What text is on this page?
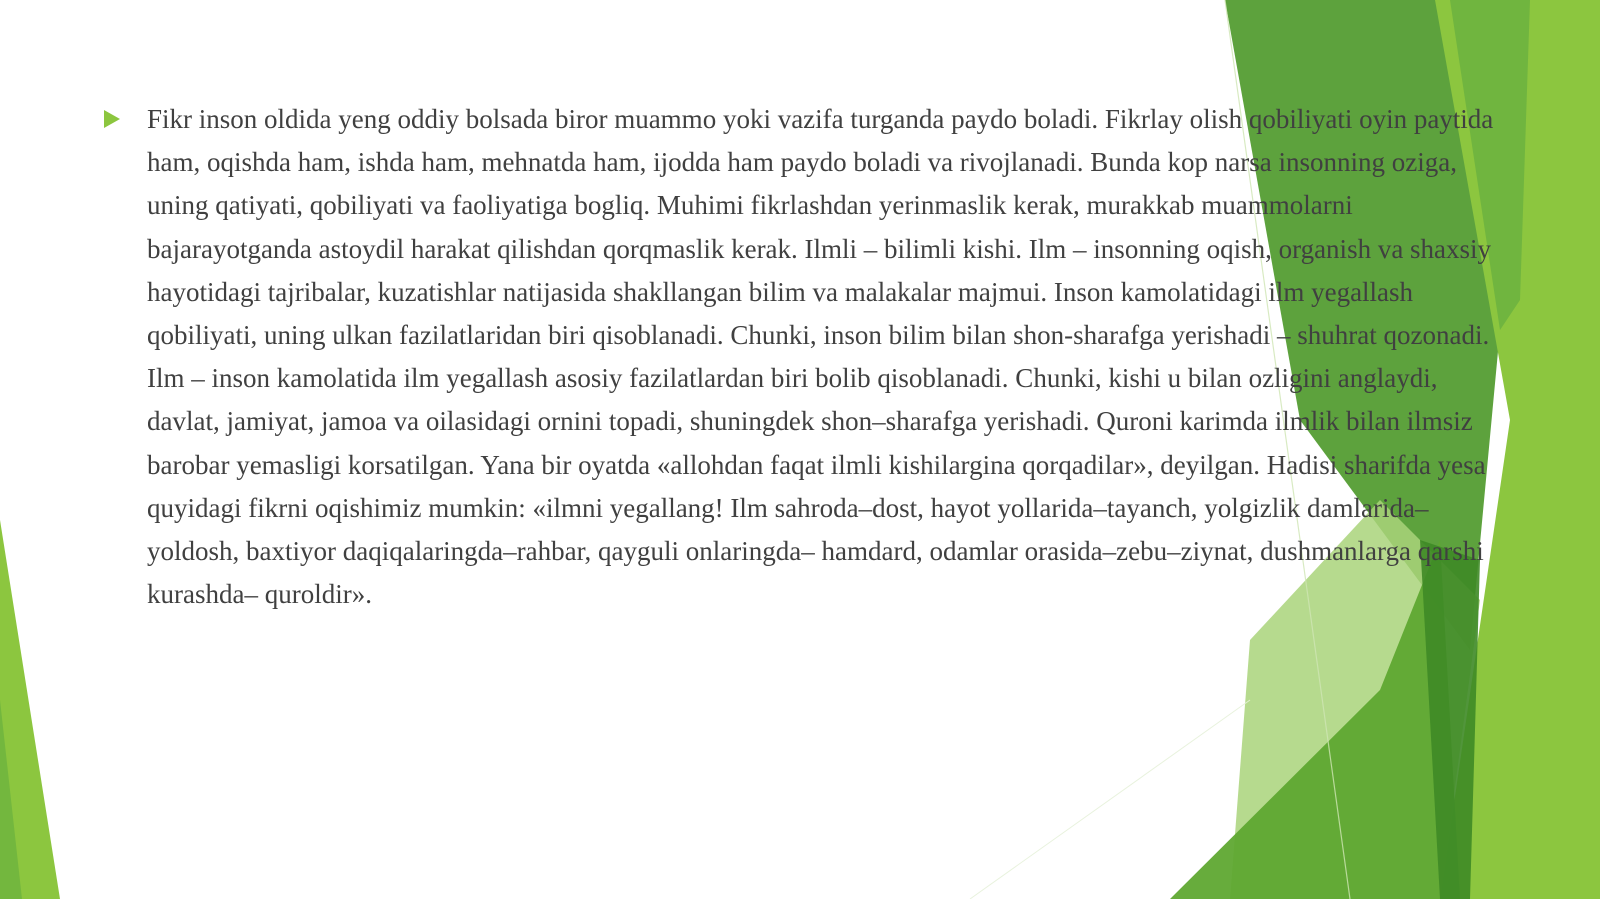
Fikr inson oldida yeng oddiy bolsada biror muammo yoki vazifa turganda paydo boladi. Fikrlay olish qobiliyati oyin paytida ham, oqishda ham, ishda ham, mehnatda ham, ijodda ham paydo boladi va rivojlanadi. Bunda kop narsa insonning oziga, uning qatiyati, qobiliyati va faoliyatiga bogliq. Muhimi fikrlashdan yerinmaslik kerak, murakkab muammolarni bajarayotganda astoydil harakat qilishdan qorqmaslik kerak. Ilmli – bilimli kishi. Ilm – insonning oqish, organish va shaxsiy hayotidagi tajribalar, kuzatishlar natijasida shakllangan bilim va malakalar majmui. Inson kamolatidagi ilm yegallash qobiliyati, uning ulkan fazilatlaridan biri qisoblanadi. Chunki, inson bilim bilan shon-sharafga yerishadi – shuhrat qozonadi. Ilm – inson kamolatida ilm yegallash asosiy fazilatlardan biri bolib qisoblanadi. Chunki, kishi u bilan ozligini anglaydi, davlat, jamiyat, jamoa va oilasidagi ornini topadi, shuningdek shon–sharafga yerishadi. Quroni karimda ilmlik bilan ilmsiz barobar yemasligi korsatilgan. Yana bir oyatda «allohdan faqat ilmli kishilargina qorqadilar», deyilgan. Hadisi sharifda yesa quyidagi fikrni oqishimiz mumkin: «ilmni yegallang! Ilm sahroda–dost, hayot yollarida–tayanch, yolgizlik damlarida–yoldosh, baxtiyor daqiqalaringda–rahbar, qayguli onlaringda– hamdard, odamlar orasida–zebu–ziynat, dushmanlarga qarshi kurashda– quroldir».
